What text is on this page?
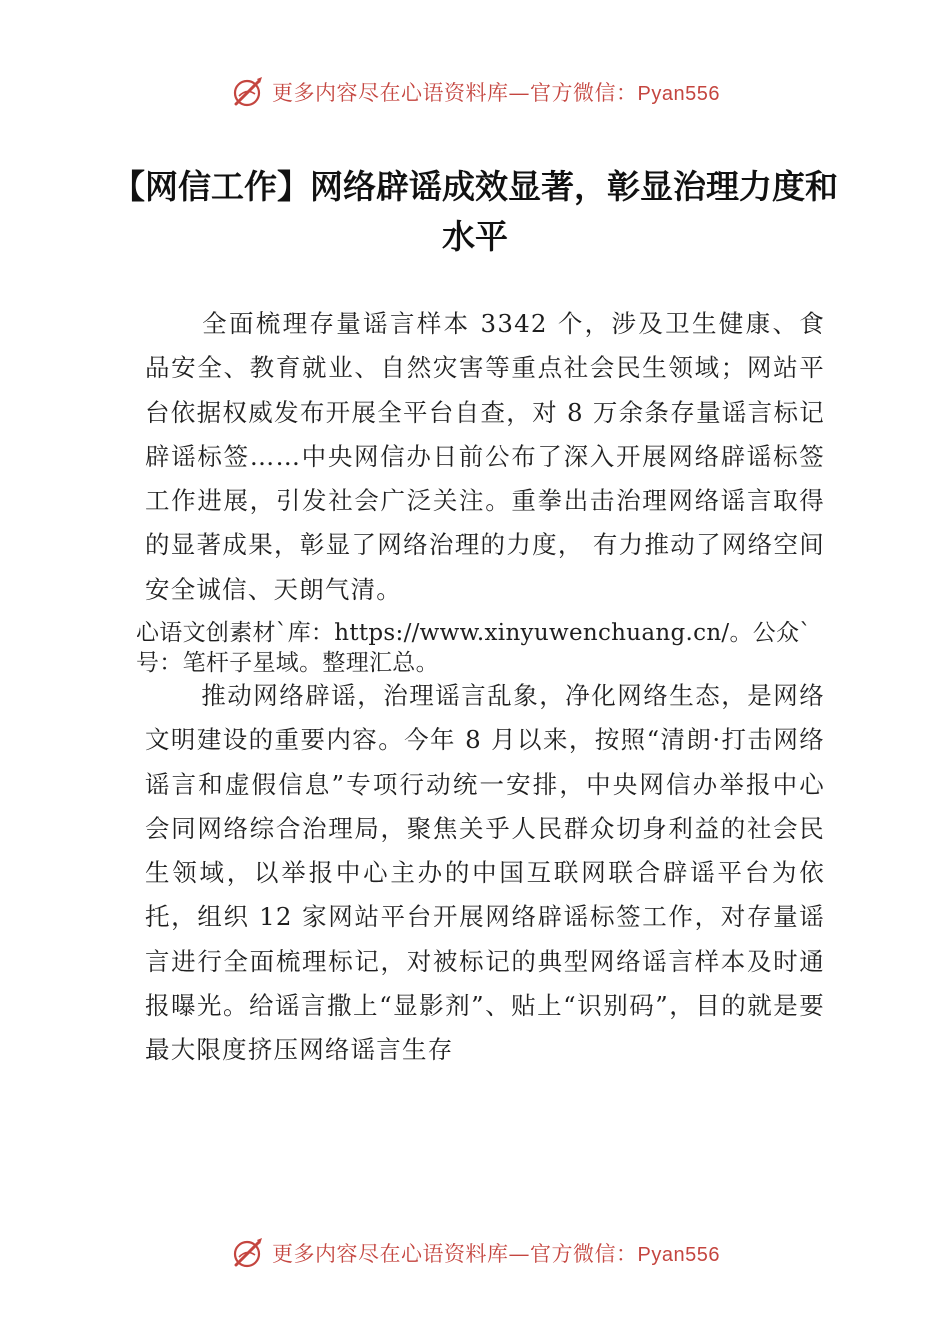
更多内容尽在心语资料库—官方微信：Pyan556
【网信工作】网络辟谣成效显著，彰显治理力度和水平
全面梳理存量谣言样本 3342 个，涉及卫生健康、食品安全、教育就业、自然灾害等重点社会民生领域；网站平台依据权威发布开展全平台自查，对 8 万余条存量谣言标记辟谣标签……中央网信办日前公布了深入开展网络辟谣标签工作进展，引发社会广泛关注。重拳出击治理网络谣言取得的显著成果，彰显了网络治理的力度， 有力推动了网络空间安全诚信、天朗气清。
心语文创素材`库：https://www.xinyuwenchuang.cn/。公众`号：笔杆子星域。整理汇总。
推动网络辟谣，治理谣言乱象，净化网络生态，是网络文明建设的重要内容。今年 8 月以来，按照“清朗·打击网络谣言和虚假信息”专项行动统一安排，中央网信办举报中心会同网络综合治理局，聚焦关乎人民群众切身利益的社会民生领域，以举报中心主办的中国互联网联合辟谣平台为依托，组织 12 家网站平台开展网络辟谣标签工作，对存量谣言进行全面梳理标记，对被标记的典型网络谣言样本及时通报曝光。给谣言撒上“显影剂”、贴上“识别码”，目的就是要最大限度挤压网络谣言生存
更多内容尽在心语资料库—官方微信：Pyan556
